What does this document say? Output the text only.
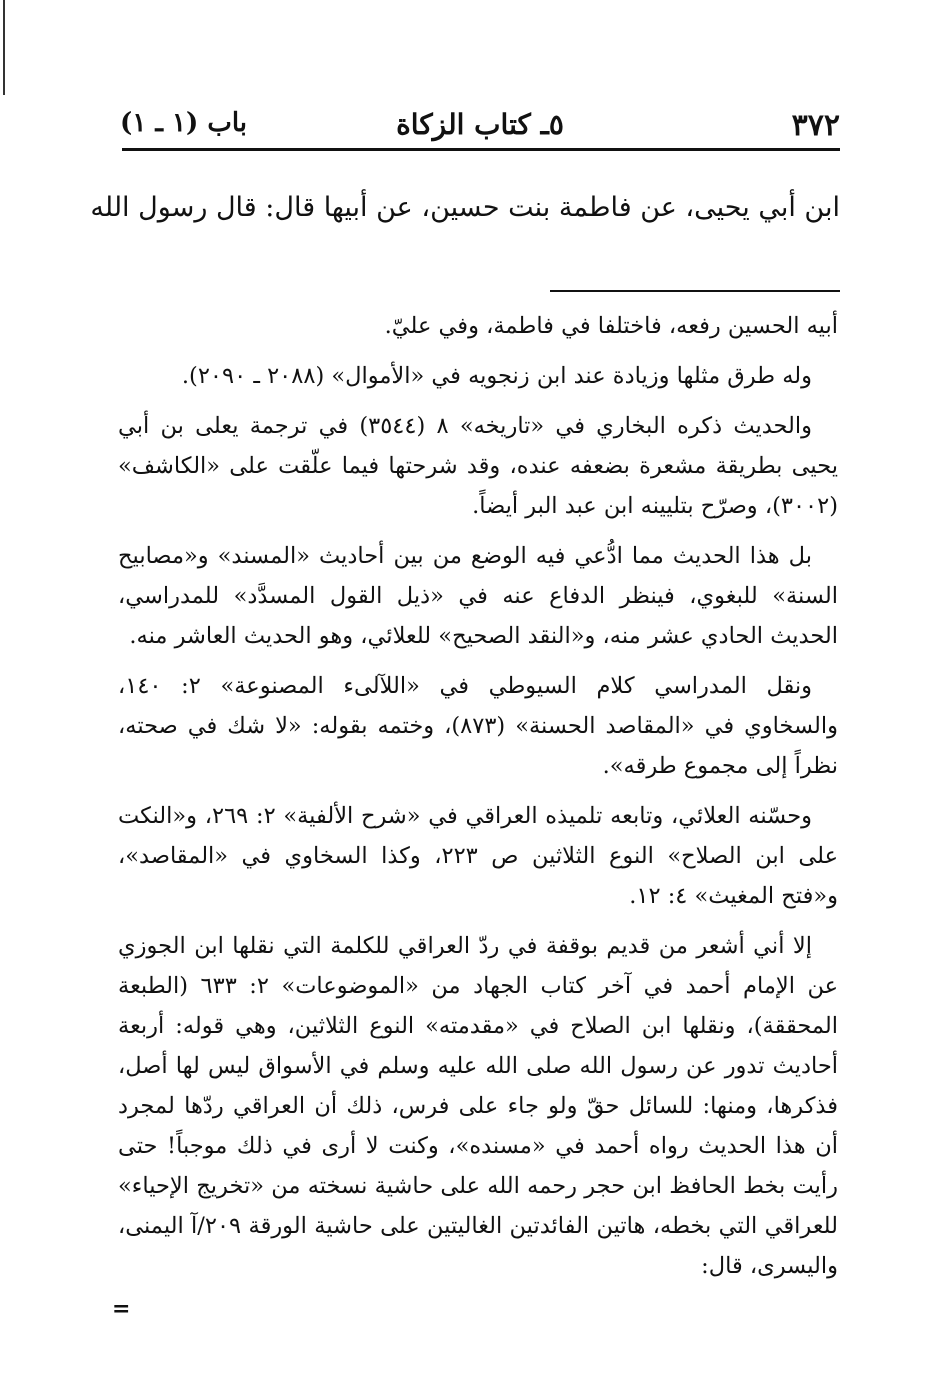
٣٧٢
٥ـ كتاب الزكاة
باب (١ ـ ١)

ابن أبي يحيى، عن فاطمة بنت حسين، عن أبيها قال: قال رسول الله

أبيه الحسين رفعه، فاختلفا في فاطمة، وفي عليّ.

وله طرق مثلها وزيادة عند ابن زنجويه في «الأموال» (٢٠٨٨ ـ ٢٠٩٠).

والحديث ذكره البخاري في «تاريخه» ٨ (٣٥٤٤) في ترجمة يعلى بن أبي يحيى بطريقة مشعرة بضعفه عنده، وقد شرحتها فيما علّقت على «الكاشف» (٣٠٠٢)، وصرّح بتليينه ابن عبد البر أيضاً.

بل هذا الحديث مما ادُّعي فيه الوضع من بين أحاديث «المسند» و«مصابيح السنة» للبغوي، فينظر الدفاع عنه في «ذيل القول المسدَّد» للمدراسي، الحديث الحادي عشر منه، و«النقد الصحيح» للعلائي، وهو الحديث العاشر منه.

ونقل المدراسي كلام السيوطي في «اللآلىء المصنوعة» ٢: ١٤٠، والسخاوي في «المقاصد الحسنة» (٨٧٣)، وختمه بقوله: «لا شك في صحته، نظراً إلى مجموع طرقه».

وحسّنه العلائي، وتابعه تلميذه العراقي في «شرح الألفية» ٢: ٢٦٩، و«النكت على ابن الصلاح» النوع الثلاثين ص ٢٢٣، وكذا السخاوي في «المقاصد»، و«فتح المغيث» ٤: ١٢.

إلا أني أشعر من قديم بوقفة في ردّ العراقي للكلمة التي نقلها ابن الجوزي عن الإمام أحمد في آخر كتاب الجهاد من «الموضوعات» ٢: ٦٣٣ (الطبعة المحققة)، ونقلها ابن الصلاح في «مقدمته» النوع الثلاثين، وهي قوله: أربعة أحاديث تدور عن رسول الله صلى الله عليه وسلم في الأسواق ليس لها أصل، فذكرها، ومنها: للسائل حقّ ولو جاء على فرس، ذلك أن العراقي ردّها لمجرد أن هذا الحديث رواه أحمد في «مسنده»، وكنت لا أرى في ذلك موجباً! حتى رأيت بخط الحافظ ابن حجر رحمه الله على حاشية نسخته من «تخريج الإحياء» للعراقي التي بخطه، هاتين الفائدتين الغاليتين على حاشية الورقة ٢٠٩/آ اليمنى، واليسرى، قال:

=
